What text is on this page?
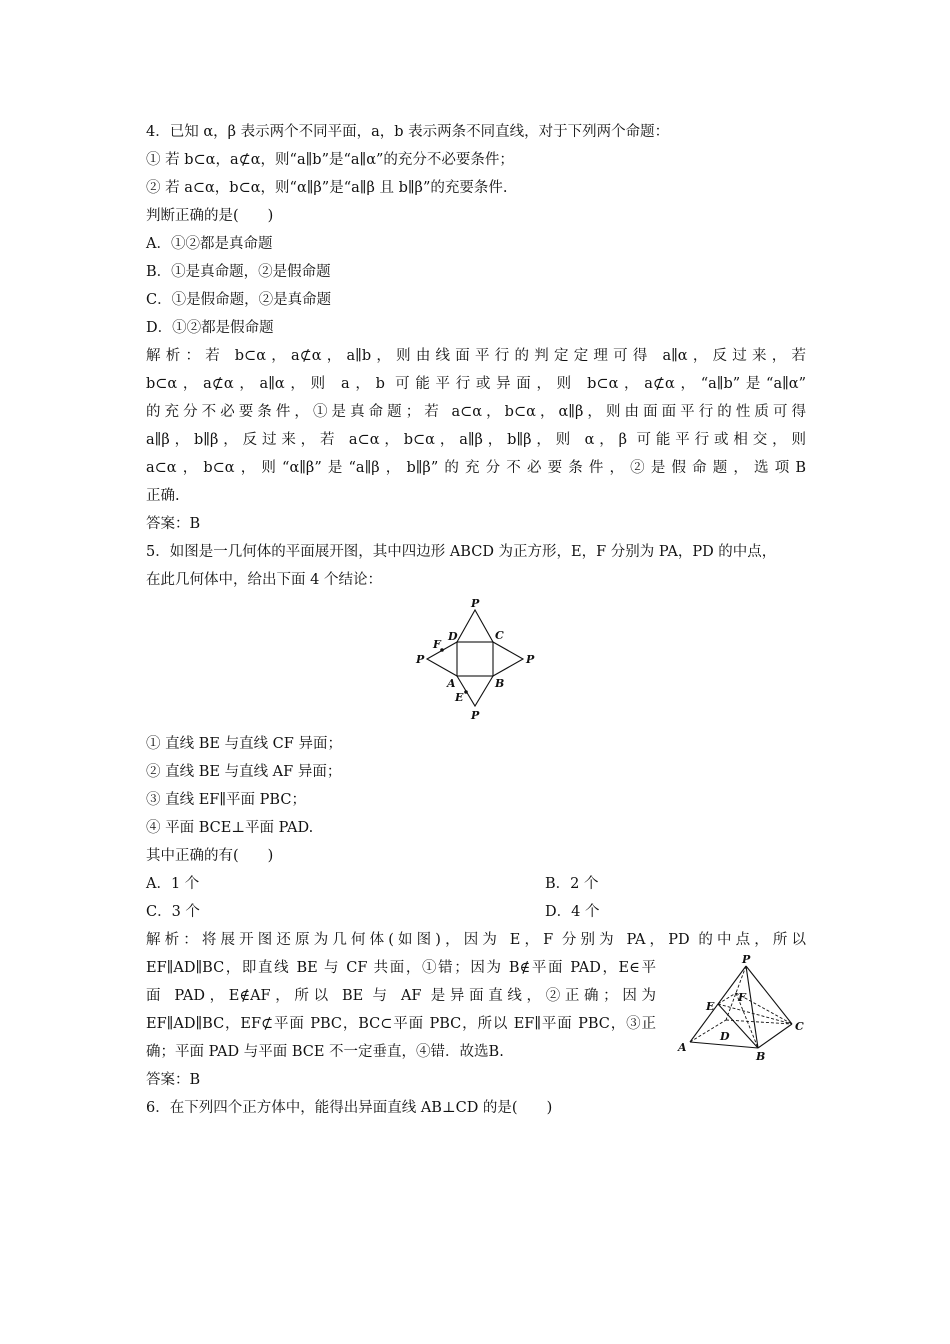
4．已知 α，β 表示两个不同平面，a，b 表示两条不同直线，对于下列两个命题：
① 若 b⊂α，a⊄α，则“a∥b”是“a∥α”的充分不必要条件；
② 若 a⊂α，b⊂α，则“α∥β”是“a∥β 且 b∥β”的充要条件.
判断正确的是(　　)
A．①②都是真命题
B．①是真命题，②是假命题
C．①是假命题，②是真命题
D．①②都是假命题
解析：若 b⊂α，a⊄α，a∥b，则由线面平行的判定定理可得 a∥α，反过来，若
b⊂α，a⊄α，a∥α，则 a，b 可能平行或异面，则 b⊂α，a⊄α，“a∥b”是“a∥α”
的充分不必要条件，①是真命题；若 a⊂α，b⊂α，α∥β，则由面面平行的性质可得
a∥β，b∥β，反过来，若 a⊂α，b⊂α，a∥β，b∥β，则 α，β 可能平行或相交，则
a⊂α，b⊂α，则“α∥β”是“a∥β，b∥β”的充分不必要条件，②是假命题，选项B
正确.
答案：B
5．如图是一几何体的平面展开图，其中四边形 ABCD 为正方形，E，F 分别为 PA，PD 的中点，
在此几何体中，给出下面 4 个结论：
P
P	P
P
D	C
A	B
F
E
① 直线 BE 与直线 CF 异面；
② 直线 BE 与直线 AF 异面；
③ 直线 EF∥平面 PBC；
④ 平面 BCE⊥平面 PAD.
其中正确的有(　　)
A．1 个	B．2 个
C．3 个	D．4 个
解析：将展开图还原为几何体(如图)，因为 E，F 分别为 PA，PD 的中点，所以
EF∥AD∥BC，即直线 BE 与 CF 共面，①错；因为 B∉平面 PAD，E∈平
面 PAD，E∉AF，所以 BE 与 AF 是异面直线，②正确；因为
EF∥AD∥BC，EF⊄平面 PBC，BC⊂平面 PBC，所以 EF∥平面 PBC，③正
确；平面 PAD 与平面 BCE 不一定垂直，④错．故选B.
答案：B
P
E
F
D
A
B
C
6．在下列四个正方体中，能得出异面直线 AB⊥CD 的是(　　)
